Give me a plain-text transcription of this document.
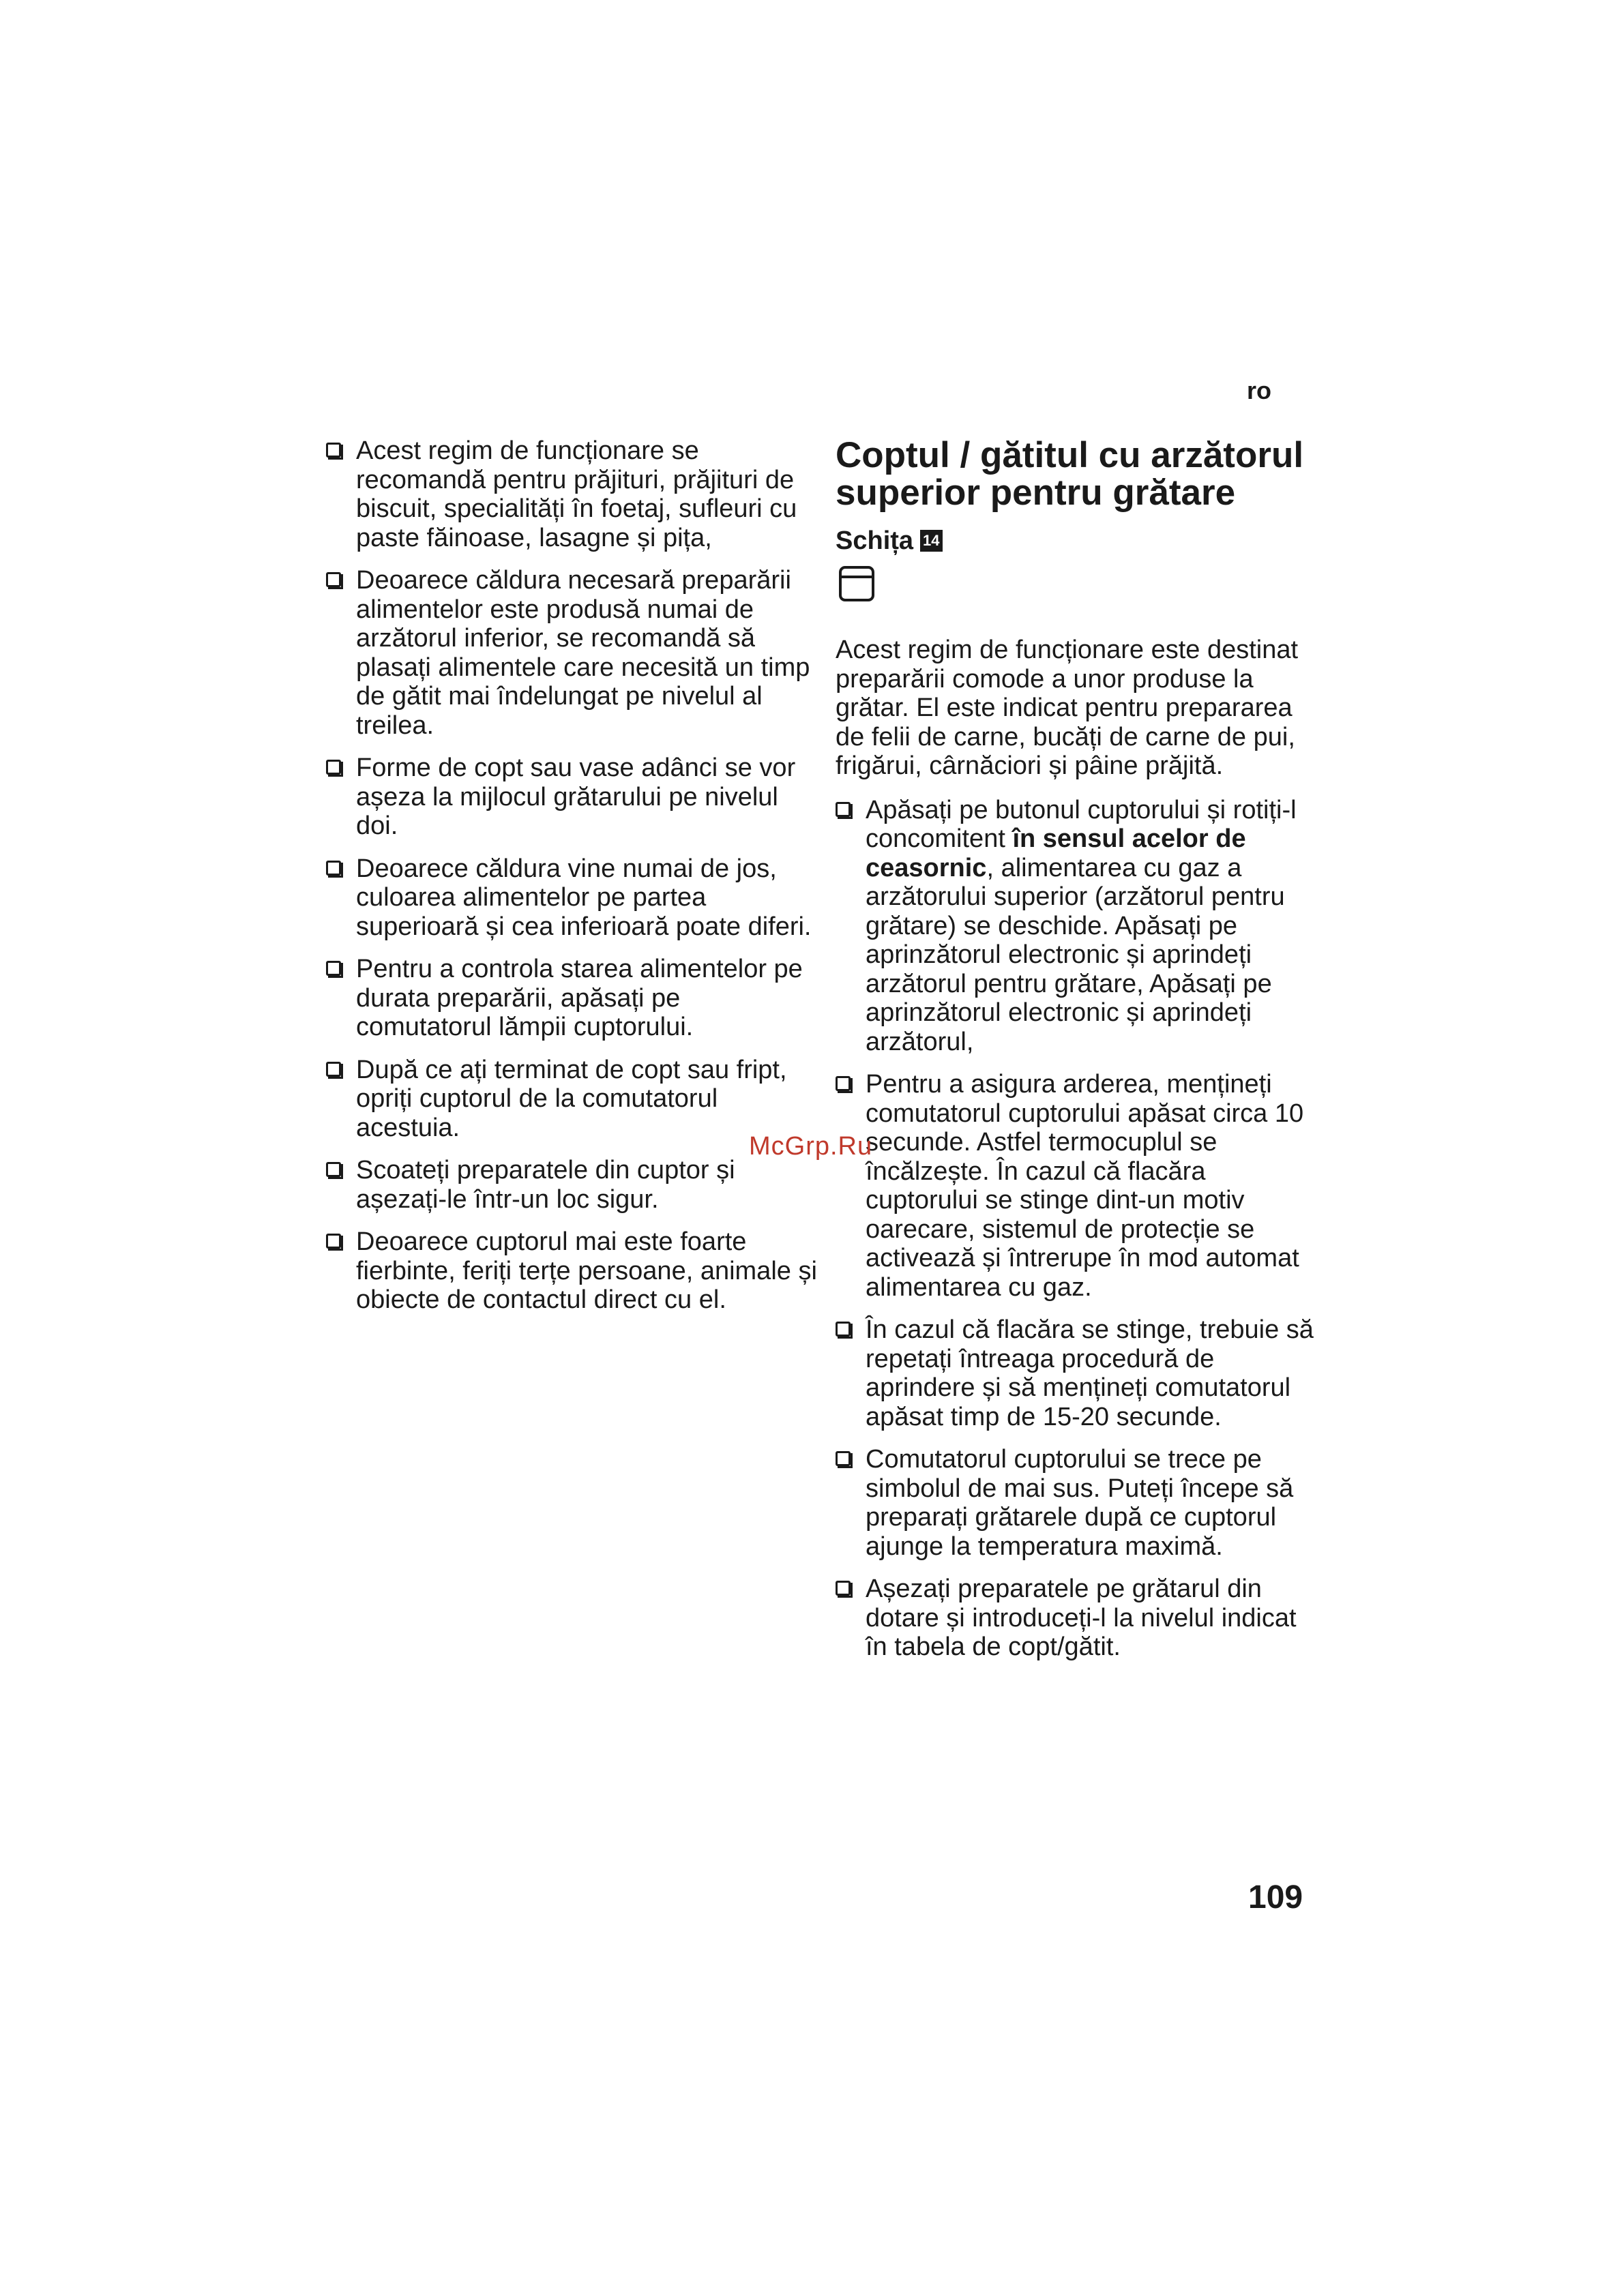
ro
Acest regim de funcționare se recomandă pentru prăjituri, prăjituri de biscuit, specialități în foetaj, sufleuri cu paste făinoase, lasagne și pița,
Deoarece căldura necesară preparării alimentelor este produsă numai de arzătorul inferior, se recomandă să plasați alimentele care necesită un timp de gătit mai îndelungat pe nivelul al treilea.
Forme de copt sau vase adânci se vor așeza la mijlocul grătarului pe nivelul doi.
Deoarece căldura vine numai de jos, culoarea alimentelor pe partea superioară și cea inferioară poate diferi.
Pentru a controla starea alimentelor pe durata preparării, apăsați pe comutatorul lămpii cuptorului.
După ce ați terminat de copt sau fript, opriți cuptorul de la comutatorul acestuia.
Scoateți preparatele din cuptor și așezați-le într-un loc sigur.
Deoarece cuptorul mai este foarte fierbinte, feriți terțe persoane, animale și obiecte de contactul direct cu el.
Coptul / gătitul cu arzătorul superior pentru grătare
Schița 14

Acest regim de funcționare este destinat preparării comode a unor produse la grătar. El este indicat pentru prepararea de felii de carne, bucăți de carne de pui, frigărui, cârnăciori și pâine prăjită.

Apăsați pe butonul cuptorului și rotiți-l concomitent în sensul acelor de ceasornic, alimentarea cu gaz a arzătorului superior (arzătorul pentru grătare) se deschide. Apăsați pe aprinzătorul electronic și aprindeți arzătorul pentru grătare, Apăsați pe aprinzătorul electronic și aprindeți arzătorul,
Pentru a asigura arderea, mențineți comutatorul cuptorului apăsat circa 10 secunde. Astfel termocuplul se încălzește. În cazul că flacăra cuptorului se stinge dint-un motiv oarecare, sistemul de protecție se activează și întrerupe în mod automat alimentarea cu gaz.
În cazul că flacăra se stinge, trebuie să repetați întreaga procedură de aprindere și să mențineți comutatorul apăsat timp de 15-20 secunde.
Comutatorul cuptorului se trece pe simbolul de mai sus. Puteți începe să preparați grătarele după ce cuptorul ajunge la temperatura maximă.
Așezați preparatele pe grătarul din dotare și introduceți-l la nivelul indicat în tabela de copt/gătit.
McGrp.Ru
109
